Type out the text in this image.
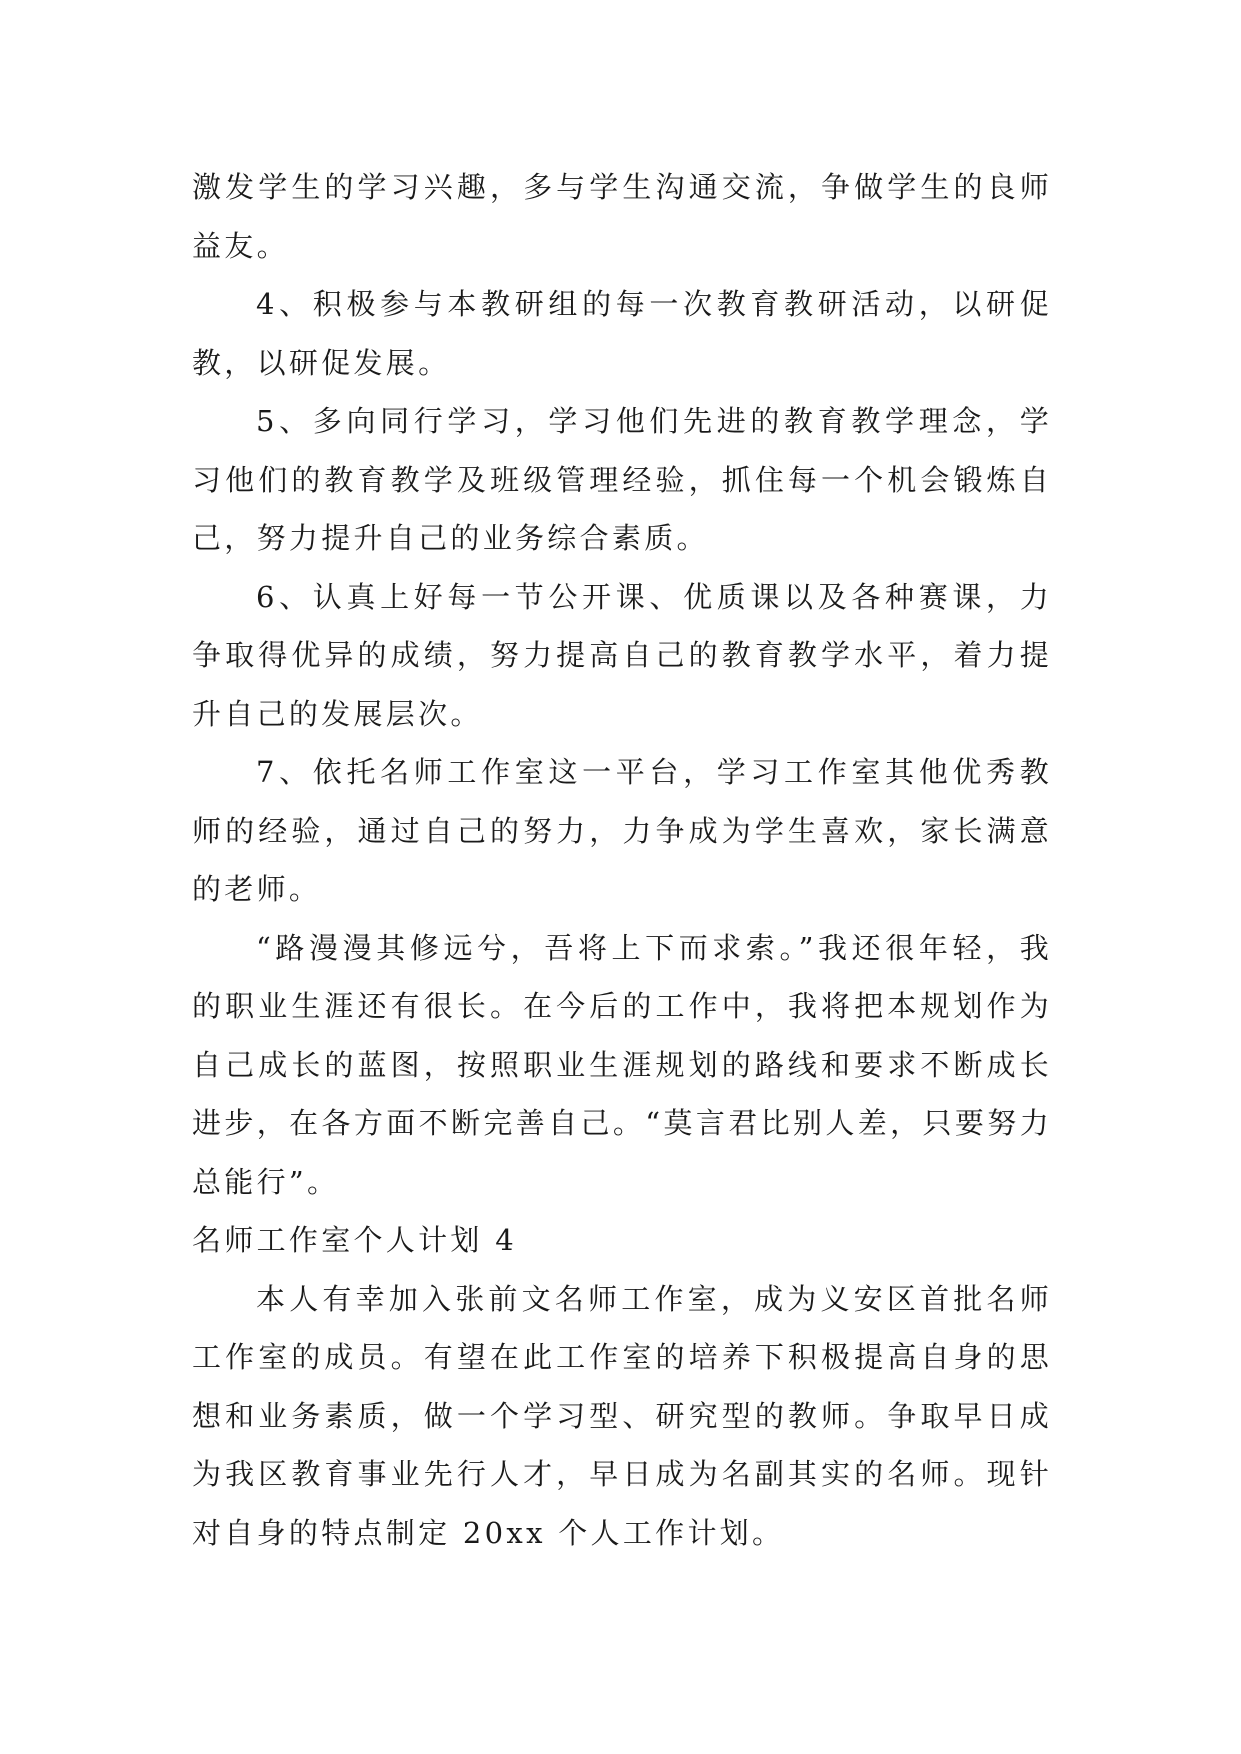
激发学生的学习兴趣，多与学生沟通交流，争做学生的良师益友。

4、积极参与本教研组的每一次教育教研活动，以研促教，以研促发展。

5、多向同行学习，学习他们先进的教育教学理念，学习他们的教育教学及班级管理经验，抓住每一个机会锻炼自己，努力提升自己的业务综合素质。

6、认真上好每一节公开课、优质课以及各种赛课，力争取得优异的成绩，努力提高自己的教育教学水平，着力提升自己的发展层次。

7、依托名师工作室这一平台，学习工作室其他优秀教师的经验，通过自己的努力，力争成为学生喜欢，家长满意的老师。

“路漫漫其修远兮，吾将上下而求索。”我还很年轻，我的职业生涯还有很长。在今后的工作中，我将把本规划作为自己成长的蓝图，按照职业生涯规划的路线和要求不断成长进步，在各方面不断完善自己。“莫言君比别人差，只要努力总能行”。

名师工作室个人计划 4

本人有幸加入张前文名师工作室，成为义安区首批名师工作室的成员。有望在此工作室的培养下积极提高自身的思想和业务素质，做一个学习型、研究型的教师。争取早日成为我区教育事业先行人才，早日成为名副其实的名师。现针对自身的特点制定 20xx 个人工作计划。
